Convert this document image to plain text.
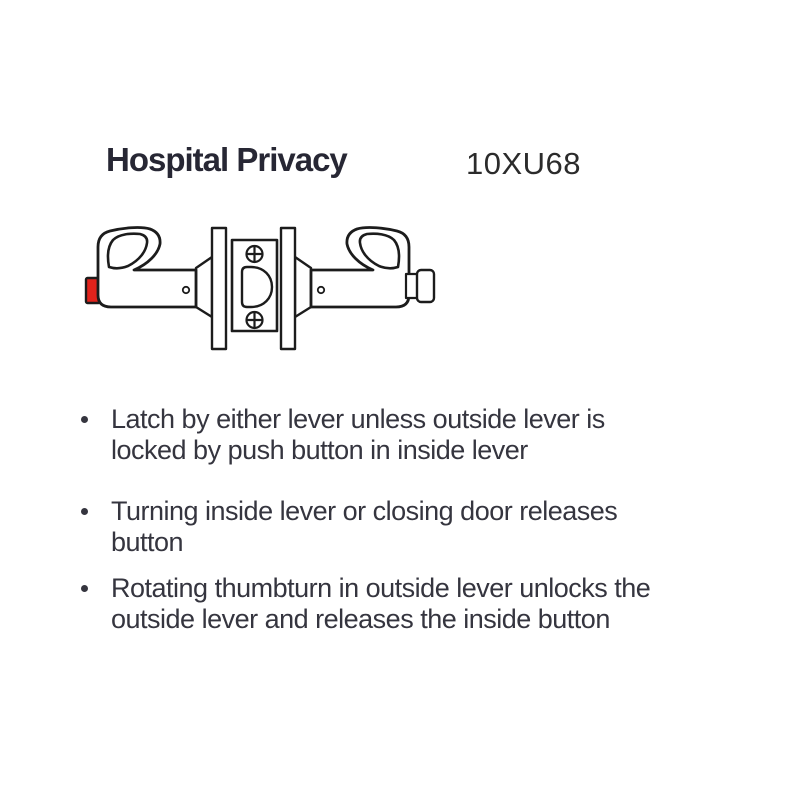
Hospital Privacy	10XU68
Latch by either lever unless outside lever is
locked by push button in inside lever
Turning inside lever or closing door releases
button
Rotating thumbturn in outside lever unlocks the
outside lever and releases the inside button
